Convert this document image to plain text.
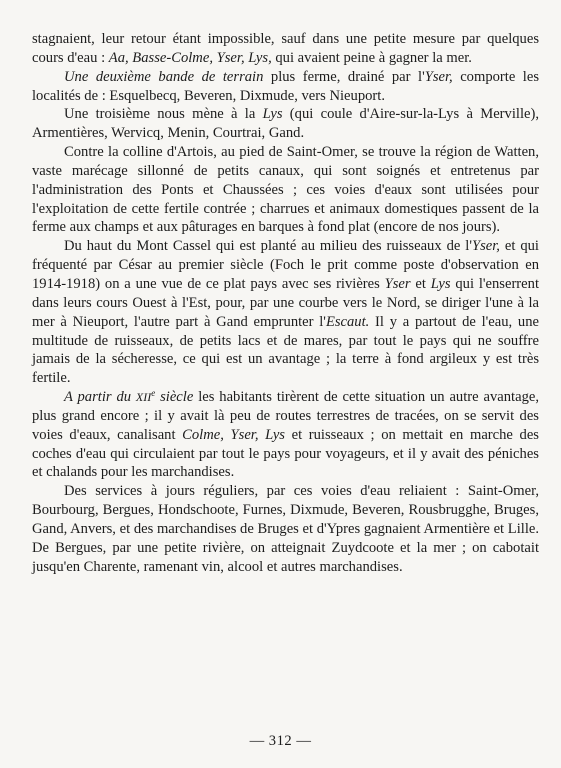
stagnaient, leur retour étant impossible, sauf dans une petite mesure par quelques cours d'eau : Aa, Basse-Colme, Yser, Lys, qui avaient peine à gagner la mer.

Une deuxième bande de terrain plus ferme, drainé par l'Yser, comporte les localités de : Esquelbecq, Beveren, Dixmude, vers Nieuport.

Une troisième nous mène à la Lys (qui coule d'Aire-sur-la-Lys à Merville), Armentières, Wervicq, Menin, Courtrai, Gand.

Contre la colline d'Artois, au pied de Saint-Omer, se trouve la région de Watten, vaste marécage sillonné de petits canaux, qui sont soignés et entretenus par l'administration des Ponts et Chaussées ; ces voies d'eaux sont utilisées pour l'exploitation de cette fertile contrée ; charrues et animaux domestiques passent de la ferme aux champs et aux pâturages en barques à fond plat (encore de nos jours).

Du haut du Mont Cassel qui est planté au milieu des ruisseaux de l'Yser, et qui fréquenté par César au premier siècle (Foch le prit comme poste d'observation en 1914-1918) on a une vue de ce plat pays avec ses rivières Yser et Lys qui l'enserrent dans leurs cours Ouest à l'Est, pour, par une courbe vers le Nord, se diriger l'une à la mer à Nieuport, l'autre part à Gand emprunter l'Escaut. Il y a partout de l'eau, une multitude de ruisseaux, de petits lacs et de mares, par tout le pays qui ne souffre jamais de la sécheresse, ce qui est un avantage ; la terre à fond argileux y est très fertile.

A partir du XIIe siècle les habitants tirèrent de cette situation un autre avantage, plus grand encore ; il y avait là peu de routes terrestres de tracées, on se servit des voies d'eaux, canalisant Colme, Yser, Lys et ruisseaux ; on mettait en marche des coches d'eau qui circulaient par tout le pays pour voyageurs, et il y avait des péniches et chalands pour les marchandises.

Des services à jours réguliers, par ces voies d'eau reliaient : Saint-Omer, Bourbourg, Bergues, Hondschoote, Furnes, Dixmude, Beveren, Rousbrugghe, Bruges, Gand, Anvers, et des marchandises de Bruges et d'Ypres gagnaient Armentière et Lille. De Bergues, par une petite rivière, on atteignait Zuydcoote et la mer ; on cabotait jusqu'en Charente, ramenant vin, alcool et autres marchandises.

— 312 —
